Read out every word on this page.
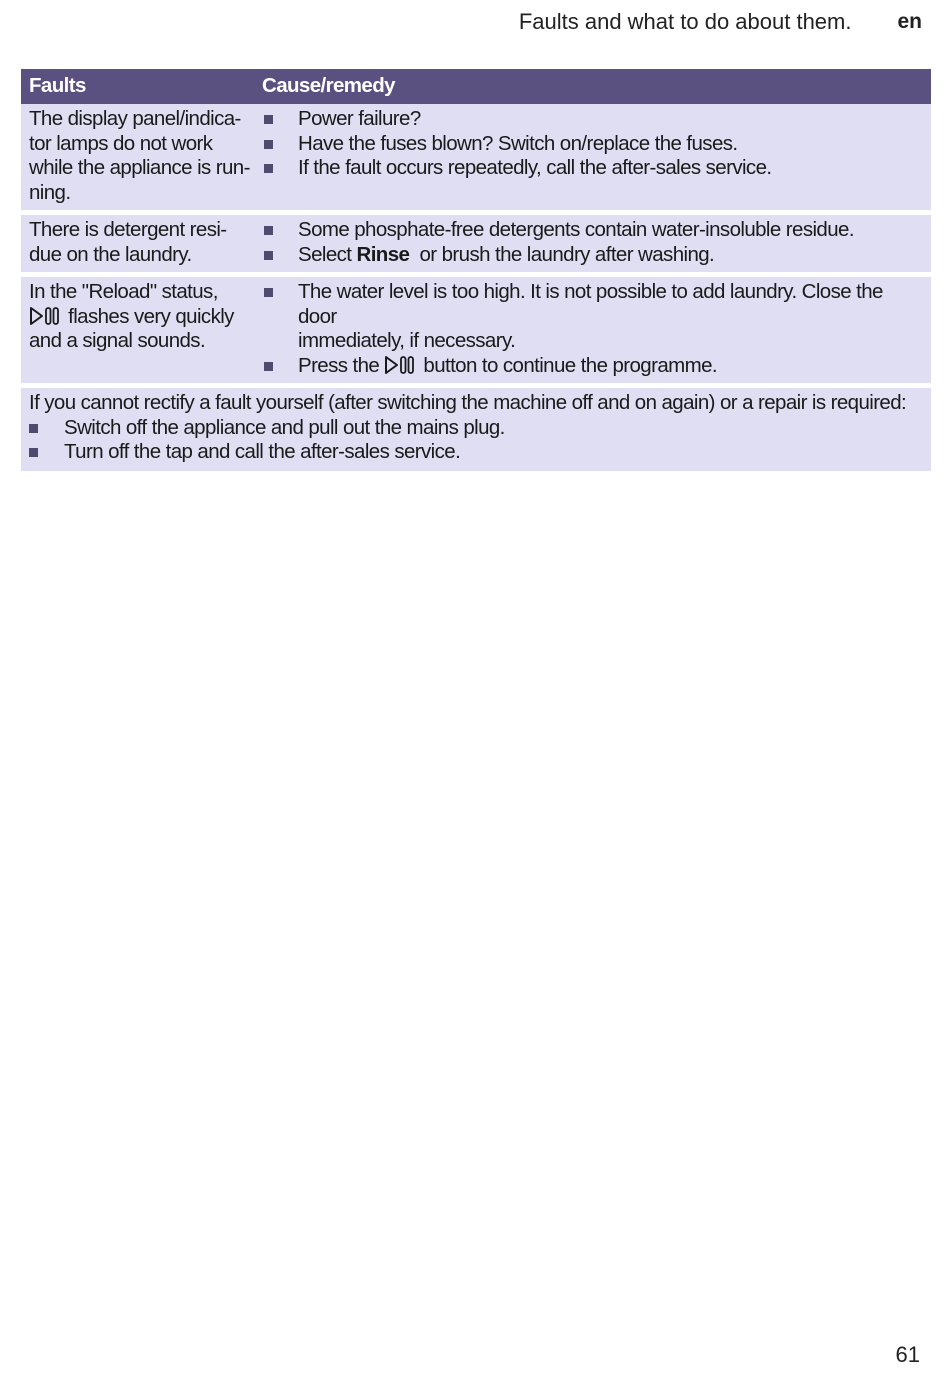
Faults and what to do about them. en
Faults	Cause/remedy
The display panel/indica-
tor lamps do not work
while the appliance is run-
ning.
Power failure?
Have the fuses blown? Switch on/replace the fuses.
If the fault occurs repeatedly, call the after-sales service.
There is detergent resi-
due on the laundry.
Some phosphate-free detergents contain water-insoluble residue.
Select Rinse  or brush the laundry after washing.
In the "Reload" status,
flashes very quickly
and a signal sounds.
The water level is too high. It is not possible to add laundry. Close the door
immediately, if necessary.
Press the  button to continue the programme.
If you cannot rectify a fault yourself (after switching the machine off and on again) or a repair is required:
Switch off the appliance and pull out the mains plug.
Turn off the tap and call the after-sales service.
61
